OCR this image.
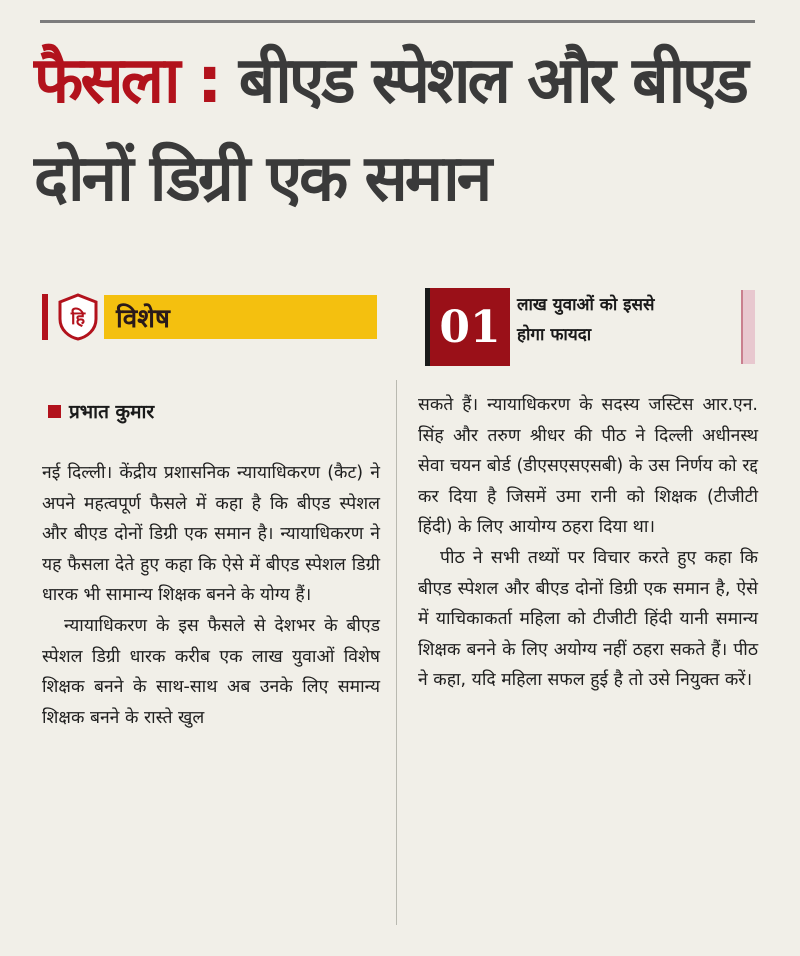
फैसला : बीएड स्पेशल और बीएड दोनों डिग्री एक समान
हि	विशेष	01 लाख युवाओं को इससे
होगा फायदा
प्रभात कुमार

नई दिल्ली। केंद्रीय प्रशासनिक न्यायाधिकरण (कैट) ने अपने महत्वपूर्ण फैसले में कहा है कि बीएड स्पेशल और बीएड दोनों डिग्री एक समान है। न्यायाधिकरण ने यह फैसला देते हुए कहा कि ऐसे में बीएड स्पेशल डिग्री धारक भी सामान्य शिक्षक बनने के योग्य हैं।

न्यायाधिकरण के इस फैसले से देशभर के बीएड स्पेशल डिग्री धारक करीब एक लाख युवाओं विशेष शिक्षक बनने के साथ-साथ अब उनके लिए समान्य शिक्षक बनने के रास्ते खुल

सकते हैं। न्यायाधिकरण के सदस्य जस्टिस आर.एन. सिंह और तरुण श्रीधर की पीठ ने दिल्ली अधीनस्थ सेवा चयन बोर्ड (डीएसएसएसबी) के उस निर्णय को रद्द कर दिया है जिसमें उमा रानी को शिक्षक (टीजीटी हिंदी) के लिए आयोग्य ठहरा दिया था।

पीठ ने सभी तथ्यों पर विचार करते हुए कहा कि बीएड स्पेशल और बीएड दोनों डिग्री एक समान है, ऐसे में याचिकाकर्ता महिला को टीजीटी हिंदी यानी समान्य शिक्षक बनने के लिए अयोग्य नहीं ठहरा सकते हैं। पीठ ने कहा, यदि महिला सफल हुई है तो उसे नियुक्त करें।
